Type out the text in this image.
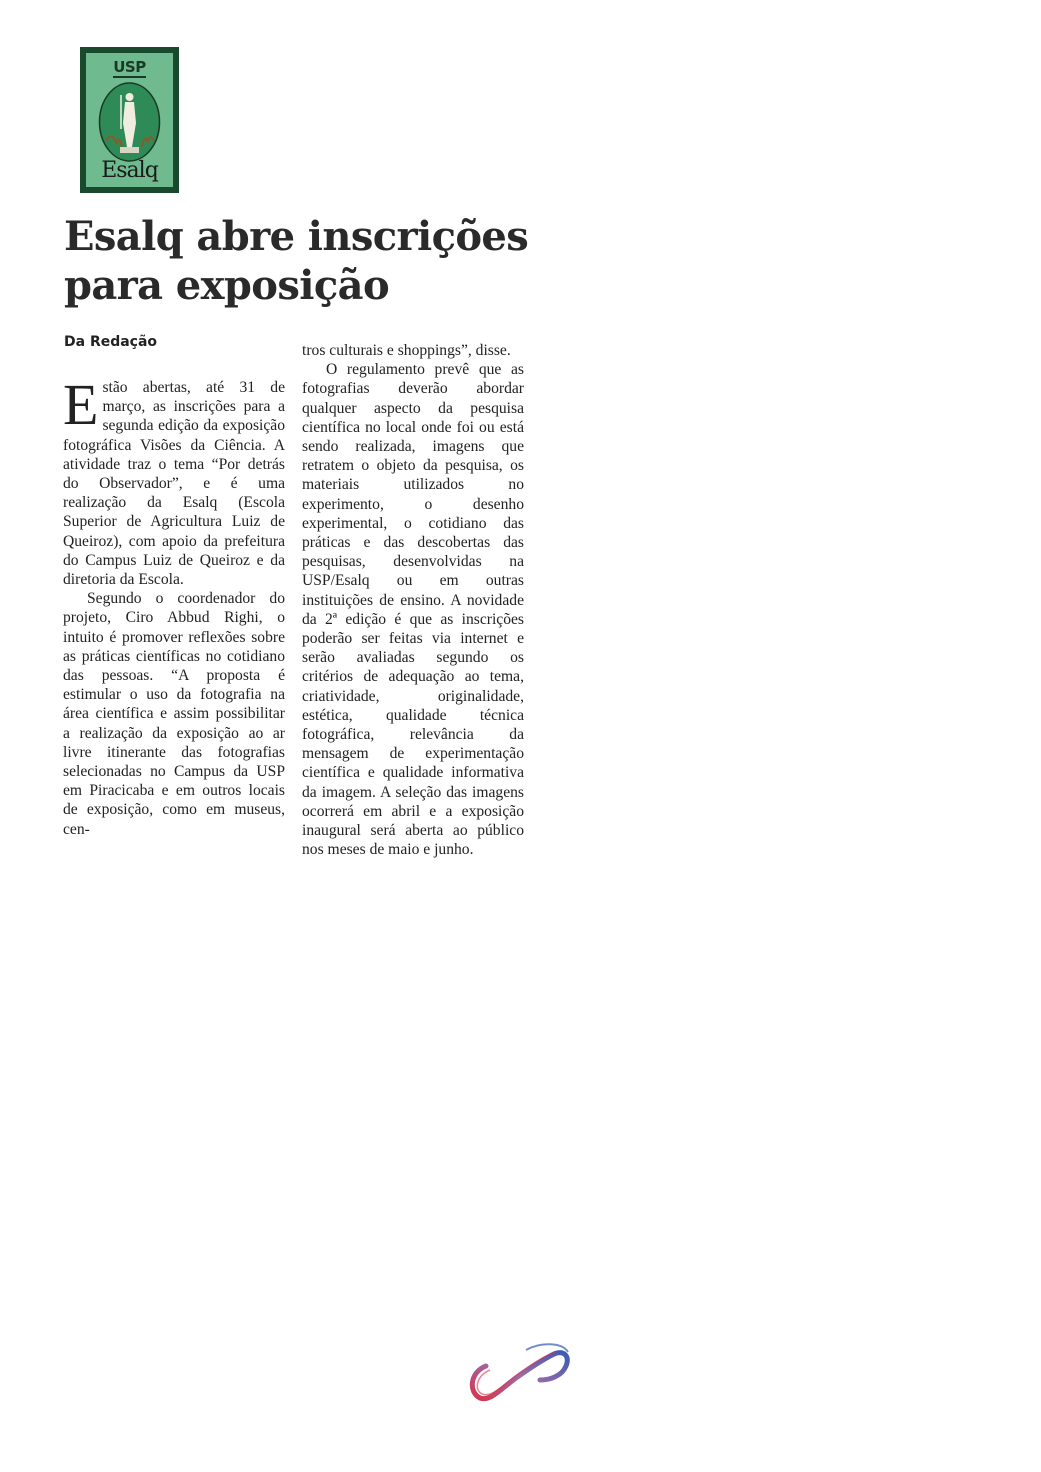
USP
Esalq
Esalq abre inscrições para exposição
Da Redação

Estão abertas, até 31 de março, as inscrições para a segunda edição da exposição fotográfica Visões da Ciência. A atividade traz o tema “Por detrás do Observador”, e é uma realização da Esalq (Escola Superior de Agricultura Luiz de Queiroz), com apoio da prefeitura do Campus Luiz de Queiroz e da diretoria da Escola.

Segundo o coordenador do projeto, Ciro Abbud Righi, o intuito é promover reflexões sobre as práticas científicas no cotidiano das pessoas. “A proposta é estimular o uso da fotografia na área científica e assim possibilitar a realização da exposição ao ar livre itinerante das fotografias selecionadas no Campus da USP em Piracicaba e em outros locais de exposição, como em museus, cen-

tros culturais e shoppings”, disse.

O regulamento prevê que as fotografias deverão abordar qualquer aspecto da pesquisa científica no local onde foi ou está sendo realizada, imagens que retratem o objeto da pesquisa, os materiais utilizados no experimento, o desenho experimental, o cotidiano das práticas e das descobertas das pesquisas, desenvolvidas na USP/Esalq ou em outras instituições de ensino. A novidade da 2ª edição é que as inscrições poderão ser feitas via internet e serão avaliadas segundo os critérios de adequação ao tema, criatividade, originalidade, estética, qualidade técnica fotográfica, relevância da mensagem de experimentação científica e qualidade informativa da imagem. A seleção das imagens ocorrerá em abril e a exposição inaugural será aberta ao público nos meses de maio e junho.
